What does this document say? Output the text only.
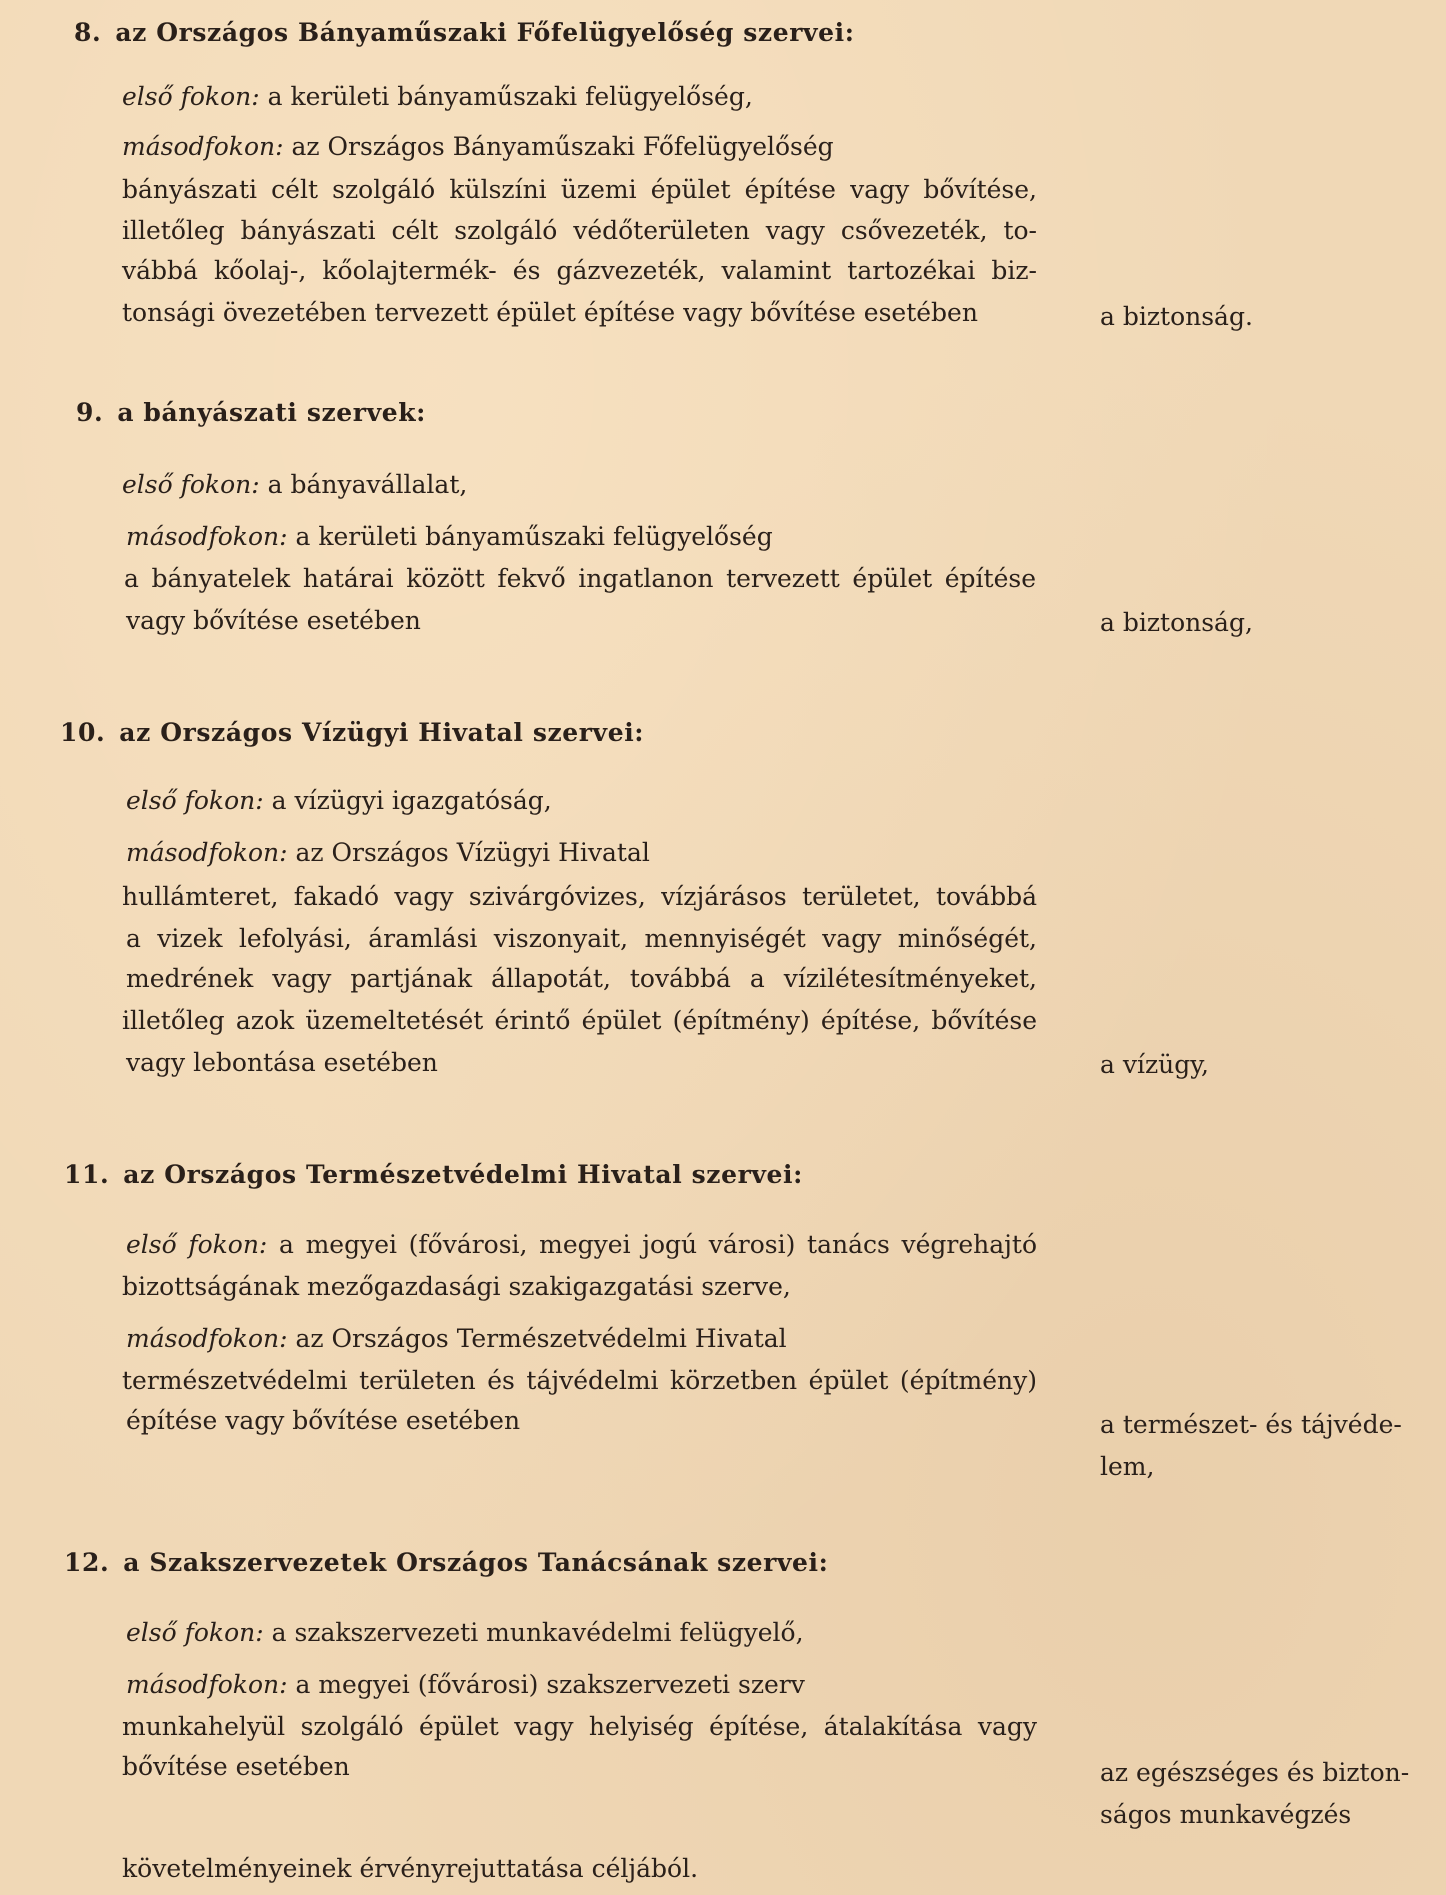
8. az Országos Bányaműszaki Főfelügyelőség szervei:
első fokon: a kerületi bányaműszaki felügyelőség,
másodfokon: az Országos Bányaműszaki Főfelügyelőség
bányászati célt szolgáló külszíni üzemi épület építése vagy bővítése,
illetőleg bányászati célt szolgáló védőterületen vagy csővezeték, to-
vábbá kőolaj-, kőolajtermék- és gázvezeték, valamint tartozékai biz-
tonsági övezetében tervezett épület építése vagy bővítése esetében	a biztonság.
9. a bányászati szervek:
első fokon: a bányavállalat,
másodfokon: a kerületi bányaműszaki felügyelőség
a bányatelek határai között fekvő ingatlanon tervezett épület építése
vagy bővítése esetében	a biztonság,
10. az Országos Vízügyi Hivatal szervei:
első fokon: a vízügyi igazgatóság,
másodfokon: az Országos Vízügyi Hivatal
hullámteret, fakadó vagy szivárgóvizes, vízjárásos területet, továbbá
a vizek lefolyási, áramlási viszonyait, mennyiségét vagy minőségét,
medrének vagy partjának állapotát, továbbá a vízilétesítményeket,
illetőleg azok üzemeltetését érintő épület (építmény) építése, bővítése
vagy lebontása esetében	a vízügy,
11. az Országos Természetvédelmi Hivatal szervei:
első fokon: a megyei (fővárosi, megyei jogú városi) tanács végrehajtó
bizottságának mezőgazdasági szakigazgatási szerve,
másodfokon: az Országos Természetvédelmi Hivatal
természetvédelmi területen és tájvédelmi körzetben épület (építmény)
építése vagy bővítése esetében	a természet- és tájvéde-
lem,
12. a Szakszervezetek Országos Tanácsának szervei:
első fokon: a szakszervezeti munkavédelmi felügyelő,
másodfokon: a megyei (fővárosi) szakszervezeti szerv
munkahelyül szolgáló épület vagy helyiség építése, átalakítása vagy
bővítése esetében	az egészséges és bizton-
ságos munkavégzés
követelményeinek érvényrejuttatása céljából.
